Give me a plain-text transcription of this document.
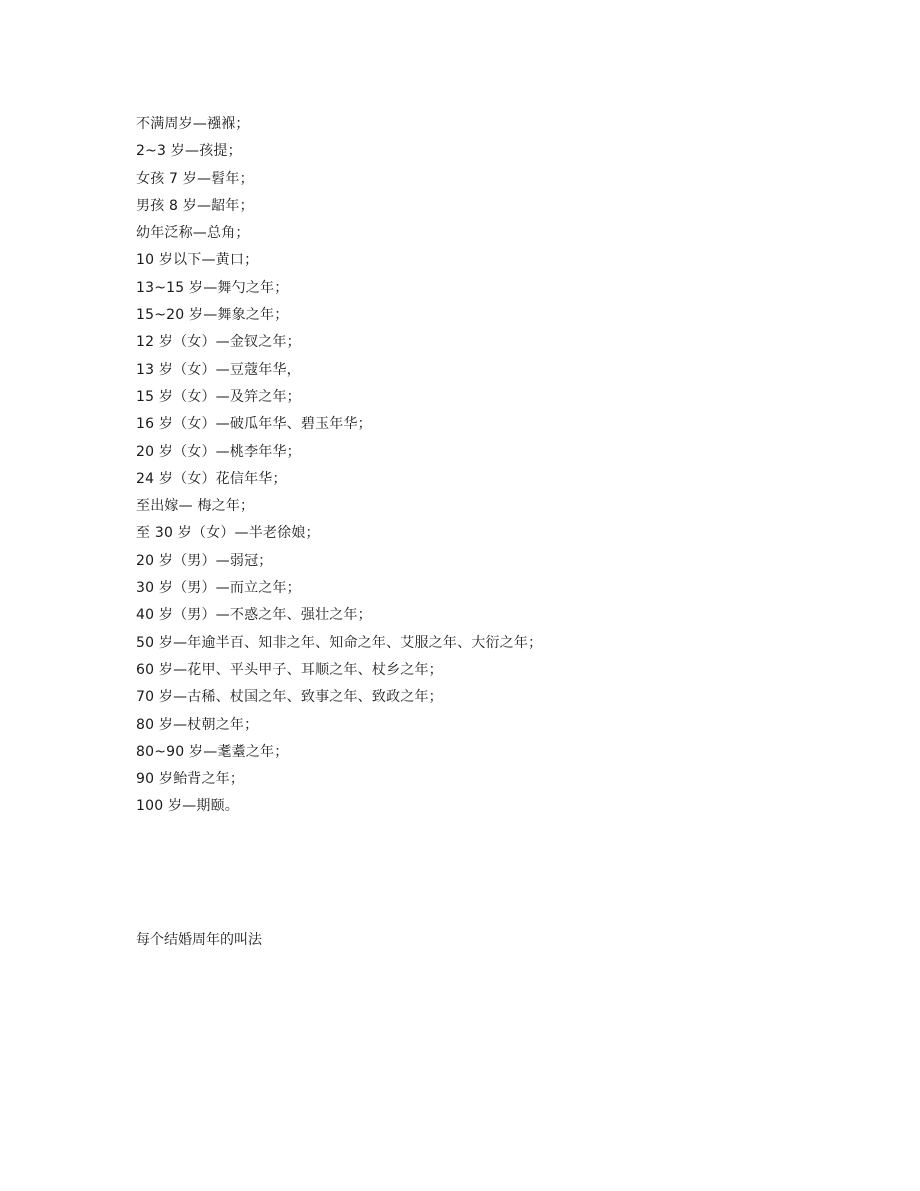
不满周岁—襁褓；
2~3 岁—孩提；
女孩 7 岁—髫年；
男孩 8 岁—龆年；
幼年泛称—总角；
10 岁以下—黄口；
13~15 岁—舞勺之年；
15~20 岁—舞象之年；
12 岁（女）—金钗之年；
13 岁（女）—豆蔻年华，
15 岁（女）—及笄之年；
16 岁（女）—破瓜年华、碧玉年华；
20 岁（女）—桃李年华；
24 岁（女）花信年华；
至出嫁— 梅之年；
至 30 岁（女）—半老徐娘；
20 岁（男）—弱冠；
30 岁（男）—而立之年；
40 岁（男）—不惑之年、强壮之年；
50 岁—年逾半百、知非之年、知命之年、艾服之年、大衍之年；
60 岁—花甲、平头甲子、耳顺之年、杖乡之年；
70 岁—古稀、杖国之年、致事之年、致政之年；
80 岁—杖朝之年；
80~90 岁—耄耋之年；
90 岁鲐背之年；
100 岁—期颐。
每个结婚周年的叫法
